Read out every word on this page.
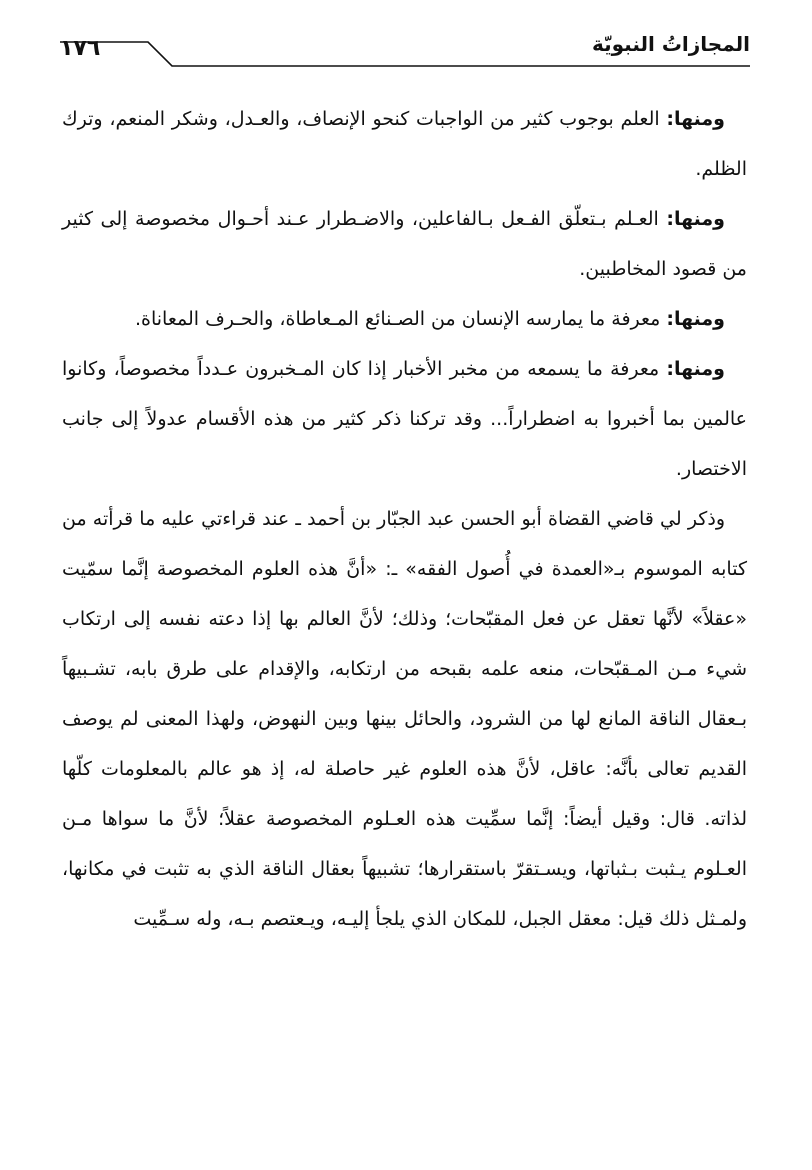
المجازاتُ النبويّة
١٧٦

ومنها: العلم بوجوب كثير من الواجبات كنحو الإنصاف، والعـدل، وشكر المنعم، وترك الظلم.

ومنها: العـلم بـتعلّق الفـعل بـالفاعلين، والاضـطرار عـند أحـوال مخصوصة إلى كثير من قصود المخاطبين.

ومنها: معرفة ما يمارسه الإنسان من الصـنائع المـعاطاة، والحـرف المعاناة.

ومنها: معرفة ما يسمعه من مخبر الأخبار إذا كان المـخبرون عـدداً مخصوصاً، وكانوا عالمين بما أخبروا به اضطراراً... وقد تركنا ذكر كثير من هذه الأقسام عدولاً إلى جانب الاختصار.

وذكر لي قاضي القضاة أبو الحسن عبد الجبّار بن أحمد ـ عند قراءتي عليه ما قرأته من كتابه الموسوم بـ«العمدة في أُصول الفقه» ـ: «أنَّ هذه العلوم المخصوصة إنَّما سمّيت «عقلاً» لأنَّها تعقل عن فعل المقبّحات؛ وذلك؛ لأنَّ العالم بها إذا دعته نفسه إلى ارتكاب شيء مـن المـقبّحات، منعه علمه بقبحه من ارتكابه، والإقدام على طرق بابه، تشـبيهاً بـعقال الناقة المانع لها من الشرود، والحائل بينها وبين النهوض، ولهذا المعنى لم يوصف القديم تعالى بأنَّه: عاقل، لأنَّ هذه العلوم غير حاصلة له، إذ هو عالم بالمعلومات كلّها لذاته. قال: وقيل أيضاً: إنَّما سمِّيت هذه العـلوم المخصوصة عقلاً؛ لأنَّ ما سواها مـن العـلوم يـثبت بـثباتها، ويسـتقرّ باستقرارها؛ تشبيهاً بعقال الناقة الذي به تثبت في مكانها، ولمـثل ذلك قيل: معقل الجبل، للمكان الذي يلجأ إليـه، ويـعتصم بـه، وله سـمِّيت
